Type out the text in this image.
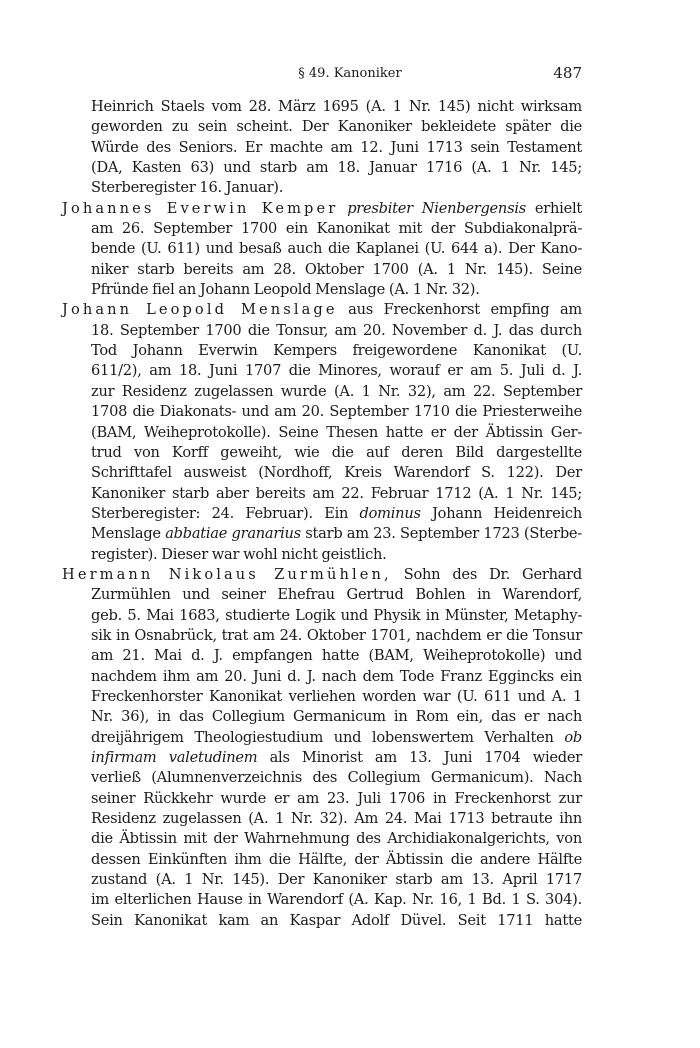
§ 49. Kanoniker	487
Heinrich Staels vom 28. März 1695 (A. 1 Nr. 145) nicht wirksam
geworden zu sein scheint. Der Kanoniker bekleidete später die
Würde des Seniors. Er machte am 12. Juni 1713 sein Testament
(DA, Kasten 63) und starb am 18. Januar 1716 (A. 1 Nr. 145;
Sterberegister 16. Januar).
Johannes Everwin Kemper presbiter Nienbergensis erhielt
am 26. September 1700 ein Kanonikat mit der Subdiakonalprä-
bende (U. 611) und besaß auch die Kaplanei (U. 644 a). Der Kano-
niker starb bereits am 28. Oktober 1700 (A. 1 Nr. 145). Seine
Pfründe fiel an Johann Leopold Menslage (A. 1 Nr. 32).
Johann Leopold Menslage aus Freckenhorst empfing am
18. September 1700 die Tonsur, am 20. November d. J. das durch
Tod Johann Everwin Kempers freigewordene Kanonikat (U.
611/2), am 18. Juni 1707 die Minores, worauf er am 5. Juli d. J.
zur Residenz zugelassen wurde (A. 1 Nr. 32), am 22. September
1708 die Diakonats- und am 20. September 1710 die Priesterweihe
(BAM, Weiheprotokolle). Seine Thesen hatte er der Äbtissin Ger-
trud von Korff geweiht, wie die auf deren Bild dargestellte
Schrifttafel ausweist (Nordhoff, Kreis Warendorf S. 122). Der
Kanoniker starb aber bereits am 22. Februar 1712 (A. 1 Nr. 145;
Sterberegister: 24. Februar). Ein dominus Johann Heidenreich
Menslage abbatiae granarius starb am 23. September 1723 (Sterbe-
register). Dieser war wohl nicht geistlich.
Hermann Nikolaus Zurmühlen, Sohn des Dr. Gerhard
Zurmühlen und seiner Ehefrau Gertrud Bohlen in Warendorf,
geb. 5. Mai 1683, studierte Logik und Physik in Münster, Metaphy-
sik in Osnabrück, trat am 24. Oktober 1701, nachdem er die Tonsur
am 21. Mai d. J. empfangen hatte (BAM, Weiheprotokolle) und
nachdem ihm am 20. Juni d. J. nach dem Tode Franz Eggincks ein
Freckenhorster Kanonikat verliehen worden war (U. 611 und A. 1
Nr. 36), in das Collegium Germanicum in Rom ein, das er nach
dreijährigem Theologiestudium und lobenswertem Verhalten ob
infirmam valetudinem als Minorist am 13. Juni 1704 wieder
verließ (Alumnenverzeichnis des Collegium Germanicum). Nach
seiner Rückkehr wurde er am 23. Juli 1706 in Freckenhorst zur
Residenz zugelassen (A. 1 Nr. 32). Am 24. Mai 1713 betraute ihn
die Äbtissin mit der Wahrnehmung des Archidiakonalgerichts, von
dessen Einkünften ihm die Hälfte, der Äbtissin die andere Hälfte
zustand (A. 1 Nr. 145). Der Kanoniker starb am 13. April 1717
im elterlichen Hause in Warendorf (A. Kap. Nr. 16, 1 Bd. 1 S. 304).
Sein Kanonikat kam an Kaspar Adolf Düvel. Seit 1711 hatte
